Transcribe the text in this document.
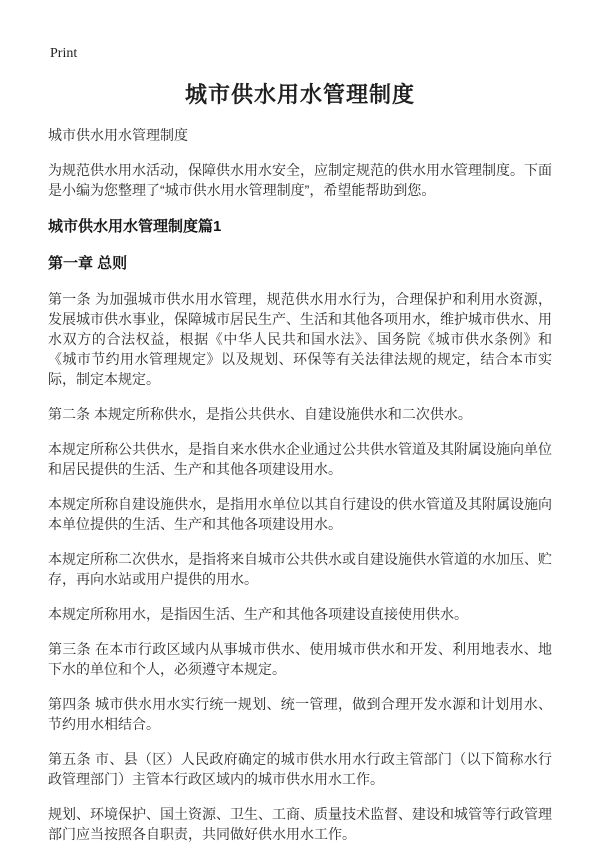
Print
城市供水用水管理制度

城市供水用水管理制度

为规范供水用水活动，保障供水用水安全，应制定规范的供水用水管理制度。下面是小编为您整理了“城市供水用水管理制度”，希望能帮助到您。

城市供水用水管理制度篇1
第一章 总则

第一条 为加强城市供水用水管理，规范供水用水行为，合理保护和利用水资源，发展城市供水事业，保障城市居民生产、生活和其他各项用水，维护城市供水、用水双方的合法权益，根据《中华人民共和国水法》、国务院《城市供水条例》和《城市节约用水管理规定》以及规划、环保等有关法律法规的规定，结合本市实际，制定本规定。

第二条 本规定所称供水，是指公共供水、自建设施供水和二次供水。

本规定所称公共供水，是指自来水供水企业通过公共供水管道及其附属设施向单位和居民提供的生活、生产和其他各项建设用水。

本规定所称自建设施供水，是指用水单位以其自行建设的供水管道及其附属设施向本单位提供的生活、生产和其他各项建设用水。

本规定所称二次供水，是指将来自城市公共供水或自建设施供水管道的水加压、贮存，再向水站或用户提供的用水。

本规定所称用水，是指因生活、生产和其他各项建设直接使用供水。

第三条 在本市行政区域内从事城市供水、使用城市供水和开发、利用地表水、地下水的单位和个人，必须遵守本规定。

第四条 城市供水用水实行统一规划、统一管理，做到合理开发水源和计划用水、节约用水相结合。

第五条 市、县（区）人民政府确定的城市供水用水行政主管部门（以下简称水行政管理部门）主管本行政区域内的城市供水用水工作。

规划、环境保护、国土资源、卫生、工商、质量技术监督、建设和城管等行政管理部门应当按照各自职责，共同做好供水用水工作。
